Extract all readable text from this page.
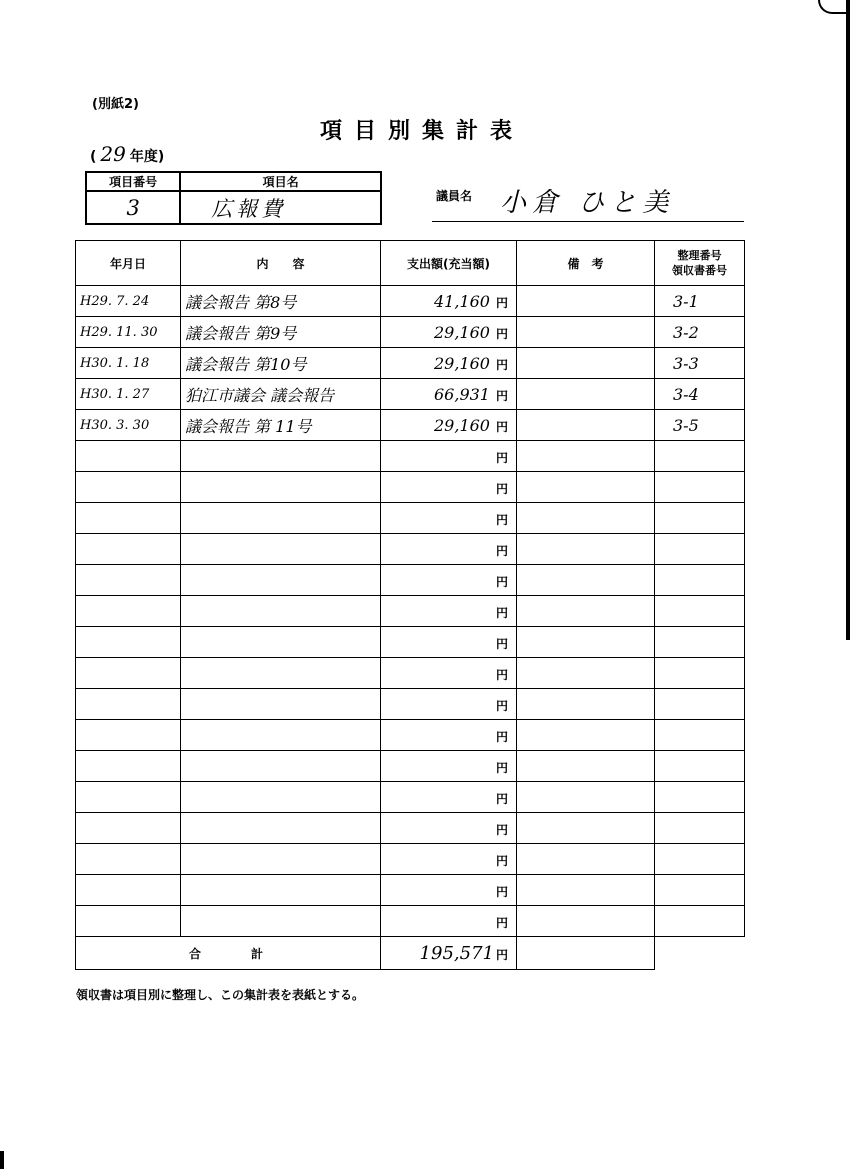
(別紙2)
項目別集計表
( 29 年度)
項目番号	項目名
3	広報費
議員名 小倉 ひと美
年月日	内　　容	支出額(充当額)	備　考	整理番号
領収書番号
H29. 7. 24	議会報告 第8号	41,160 円		3-1
H29. 11. 30	議会報告 第9号	29,160 円		3-2
H30. 1. 18	議会報告 第10号	29,160 円		3-3
H30. 1. 27	狛江市議会 議会報告	66,931 円		3-4
H30. 3. 30	議会報告 第 11号	29,160 円		3-5
		円		
		円		
		円		
		円		
		円		
		円		
		円		
		円		
		円		
		円		
		円		
		円		
		円		
		円		
		円		
		円		
合計		195,571 円		
領収書は項目別に整理し、この集計表を表紙とする。
